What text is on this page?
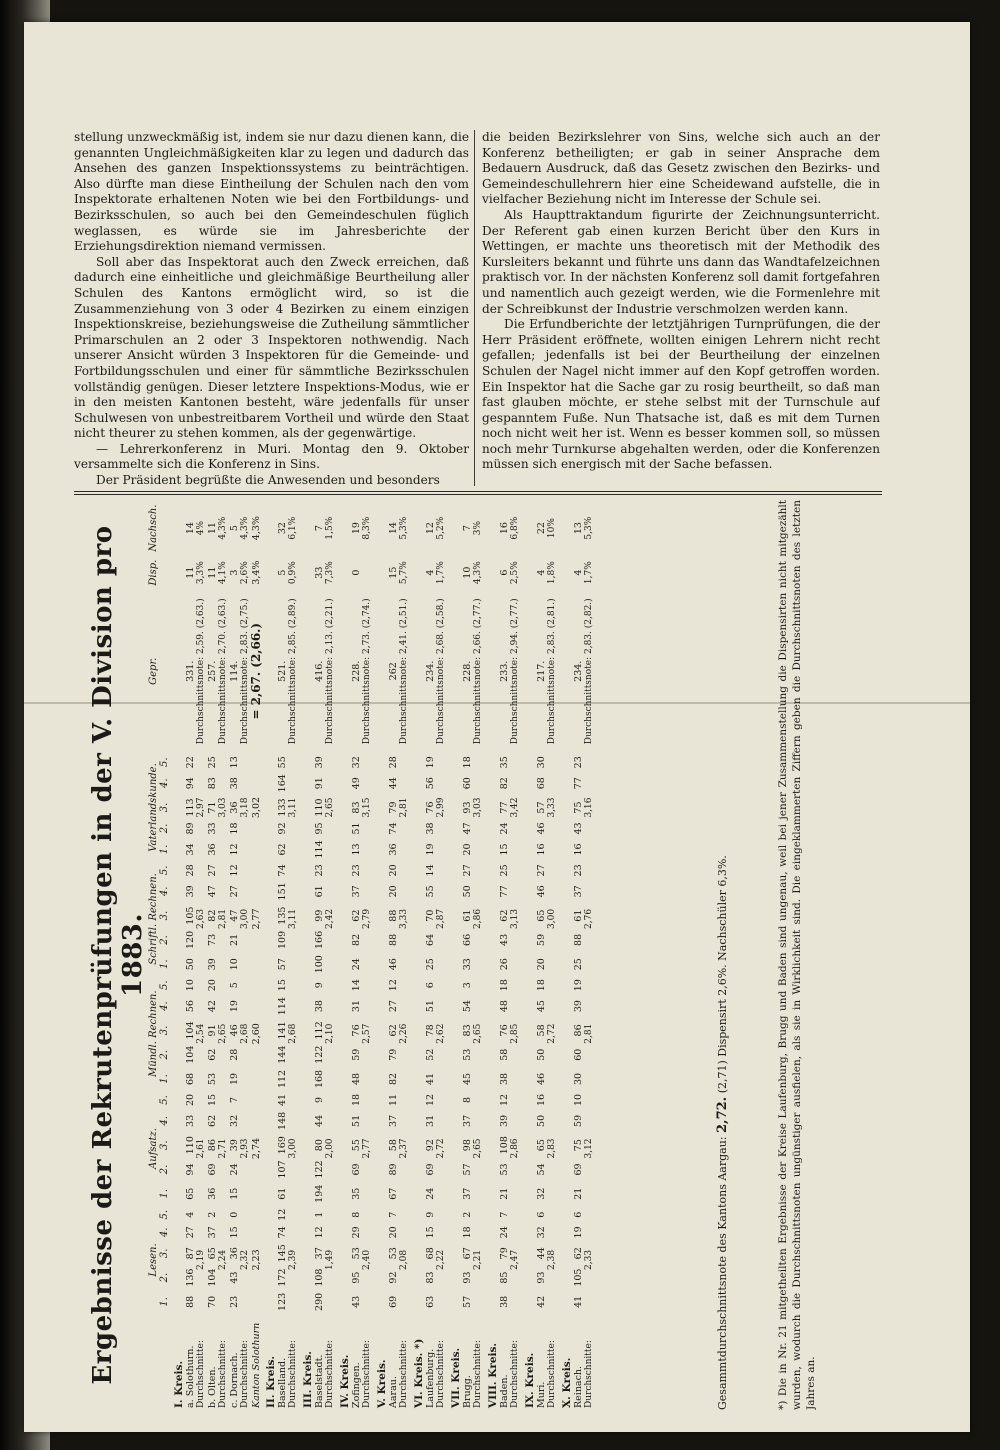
stellung unzweckmäßig ist, indem sie nur dazu dienen kann, die genannten Ungleichmäßigkeiten klar zu legen und dadurch das Ansehen des ganzen Inspektionssystems zu beinträchtigen. Also dürfte man diese Eintheilung der Schulen nach den vom Inspektorate erhaltenen Noten wie bei den Fortbildungs- und Bezirksschulen, so auch bei den Gemeindeschulen füglich weglassen, es würde sie im Jahresberichte der Erziehungsdirektion niemand vermissen.

Soll aber das Inspektorat auch den Zweck erreichen, daß dadurch eine einheitliche und gleichmäßige Beurtheilung aller Schulen des Kantons ermöglicht wird, so ist die Zusammenziehung von 3 oder 4 Bezirken zu einem einzigen Inspektionskreise, beziehungsweise die Zutheilung sämmtlicher Primarschulen an 2 oder 3 Inspektoren nothwendig. Nach unserer Ansicht würden 3 Inspektoren für die Gemeinde- und Fortbildungsschulen und einer für sämmtliche Bezirksschulen vollständig genügen. Dieser letztere Inspektions-Modus, wie er in den meisten Kantonen besteht, wäre jedenfalls für unser Schulwesen von unbestreitbarem Vortheil und würde den Staat nicht theurer zu stehen kommen, als der gegenwärtige.

— Lehrerkonferenz in Muri. Montag den 9. Oktober versammelte sich die Konferenz in Sins.

Der Präsident begrüßte die Anwesenden und besonders

die beiden Bezirkslehrer von Sins, welche sich auch an der Konferenz betheiligten; er gab in seiner Ansprache dem Bedauern Ausdruck, daß das Gesetz zwischen den Bezirks- und Gemeindeschullehrern hier eine Scheidewand aufstelle, die in vielfacher Beziehung nicht im Interesse der Schule sei.

Als Haupttraktandum figurirte der Zeichnungsunterricht. Der Referent gab einen kurzen Bericht über den Kurs in Wettingen, er machte uns theoretisch mit der Methodik des Kursleiters bekannt und führte uns dann das Wandtafelzeichnen praktisch vor. In der nächsten Konferenz soll damit fortgefahren und namentlich auch gezeigt werden, wie die Formenlehre mit der Schreibkunst der Industrie verschmolzen werden kann.

Die Erfundberichte der letztjährigen Turnprüfungen, die der Herr Präsident eröffnete, wollten einigen Lehrern nicht recht gefallen; jedenfalls ist bei der Beurtheilung der einzelnen Schulen der Nagel nicht immer auf den Kopf getroffen worden. Ein Inspektor hat die Sache gar zu rosig beurtheilt, so daß man fast glauben möchte, er stehe selbst mit der Turnschule auf gespanntem Fuße. Nun Thatsache ist, daß es mit dem Turnen noch nicht weit her ist. Wenn es besser kommen soll, so müssen noch mehr Turnkurse abgehalten werden, oder die Konferenzen müssen sich energisch mit der Sache befassen.

Ergebnisse der Rekrutenprüfungen in der V. Division pro 1883.
	Lesen.					Aufsatz.					Mündl. Rechnen.					Schriftl. Rechnen.					Vaterlandskunde.					Gepr.	Disp.	Nachsch.
	1.	2.	3.	4.	5.	1.	2.	3.	4.	5.	1.	2.	3.	4.	5.	1.	2.	3.	4.	5.	1.	2.	3.	4.	5.			
I. Kreis.																												
a. Solothurn.	88	136	87	27	4	65	94	110	33	20	68	104	104	56	10	50	120	105	39	28	34	89	113	94	22	331.	11	14
Durchschnitte:	2,19					2,61					2,54					2,63					2,97					Durchschnittsnote: 2,59. (2,63.)	3,3%	4%
b. Olten.	70	104	65	37	2	36	69	86	62	15	53	62	91	42	20	39	73	82	47	27	36	33	71	83	25	257.	11	11
Durchschnitte:	2,24					2,71					2,65					2,81					3,03					Durchschnittsnote: 2,70. (2,63.)	4,1%	4,3%
c. Dornach.	23	43	36	15	0	15	24	39	32	7	19	28	46	19	5	10	21	47	27	12	12	18	36	38	13	114.	3	5
Durchschnitte:	2,32					2,93					2,68					3,00					3,18					Durchschnittsnote: 2,83. (2,75.)	2,6%	4,3%
Kanton Solothurn	2,23					2,74					2,60					2,77					3,02					= 2,67. (2,66.)	3,4%	4,3%
II. Kreis.																												
Baselland.	123	172	145	74	12	61	107	169	148	41	112	144	141	114	15	57	109	135	151	74	62	92	133	164	55	521.	5	32
Durchschnitte:	2,39					3,00					2,68					3,11					3,11					Durchschnittsnote: 2,85. (2,89.)	0,9%	6,1%
III. Kreis.																												
Baselstadt.	290	108	37	12	1	194	122	80	44	9	168	122	112	38	9	100	166	99	61	23	114	95	110	91	39	416.	33	7
Durchschnitte:	1,49					2,00					2,10					2,42					2,65					Durchschnittsnote: 2,13. (2,21.)	7,3%	1,5%
IV. Kreis.																												
Zofingen.	43	95	53	29	8	35	69	55	51	18	48	59	76	31	14	24	82	62	37	23	13	51	83	49	32	228.	0	19
Durchschnitte:	2,40					2,77					2,57					2,79					3,15					Durchschnittsnote: 2,73. (2,74.)		8,3%
V. Kreis.																												
Aarau.	69	92	53	20	7	67	89	58	37	11	82	79	62	27	12	46	88	88	20	20	36	74	79	44	28	262	15	14
Durchschnitte:	2,08					2,37					2,26					3,33					2,81					Durchschnittsnote: 2,41. (2,51.)	5,7%	5,3%
VI. Kreis. *)																												
Laufenburg.	63	83	68	15	9	24	69	92	31	12	41	52	78	51	6	25	64	70	55	14	19	38	76	56	19	234.	4	12
Durchschnitte:	2,22					2,72					2,62					2,87					2,99					Durchschnittsnote: 2,68. (2,58.)	1,7%	5,2%
VII. Kreis.																												
Brugg.	57	93	67	18	2	37	57	98	37	8	45	53	83	54	3	33	66	61	50	27	20	47	93	60	18	228.	10	7
Durchschnitte:	2,21					2,65					2,65					2,86					3,03					Durchschnittsnote: 2,66. (2,77.)	4,3%	3%
VIII. Kreis.																												
Baden.	38	85	79	24	7	21	53	108	39	12	38	58	76	48	18	26	43	62	77	25	15	24	77	82	35	233.	6	16
Durchschnitte:	2,47					2,86					2,85					3,13					3,42					Durchschnittsnote: 2,94. (2,77.)	2,5%	6,8%
IX. Kreis.																												
Muri.	42	93	44	32	6	32	54	65	50	16	46	50	58	45	18	20	59	65	46	27	16	46	57	68	30	217.	4	22
Durchschnitte:	2,38					2,83					2,72					3,00					3,33					Durchschnittsnote: 2,83. (2,81.)	1,8%	10%
X. Kreis.																												
Reinach.	41	105	62	19	6	21	69	75	59	10	30	60	86	39	19	25	88	61	37	23	16	43	75	77	23	234.	4	13
Durchschnitte:	2,33					3,12					2,81					2,76					3,16					Durchschnittsnote: 2,83. (2,82.)	1,7%	5,3%
Gesammtdurchschnittsnote des Kantons Aargau: 2,72. (2,71) Dispensirt 2,6%. Nachschüler 6,3%.	*) Die in Nr. 21 mitgetheilten Ergebnisse der Kreise Laufenburg, Brugg und Baden sind ungenau, weil bei jener Zusammenstellung die Dispensirten nicht mitgezählt wurden, wodurch die Durchschnittsnoten ungünstiger ausfielen, als sie in Wirklichkeit sind. Die eingeklammerten Ziffern geben die Durchschnittsnoten des letzten Jahres an.
